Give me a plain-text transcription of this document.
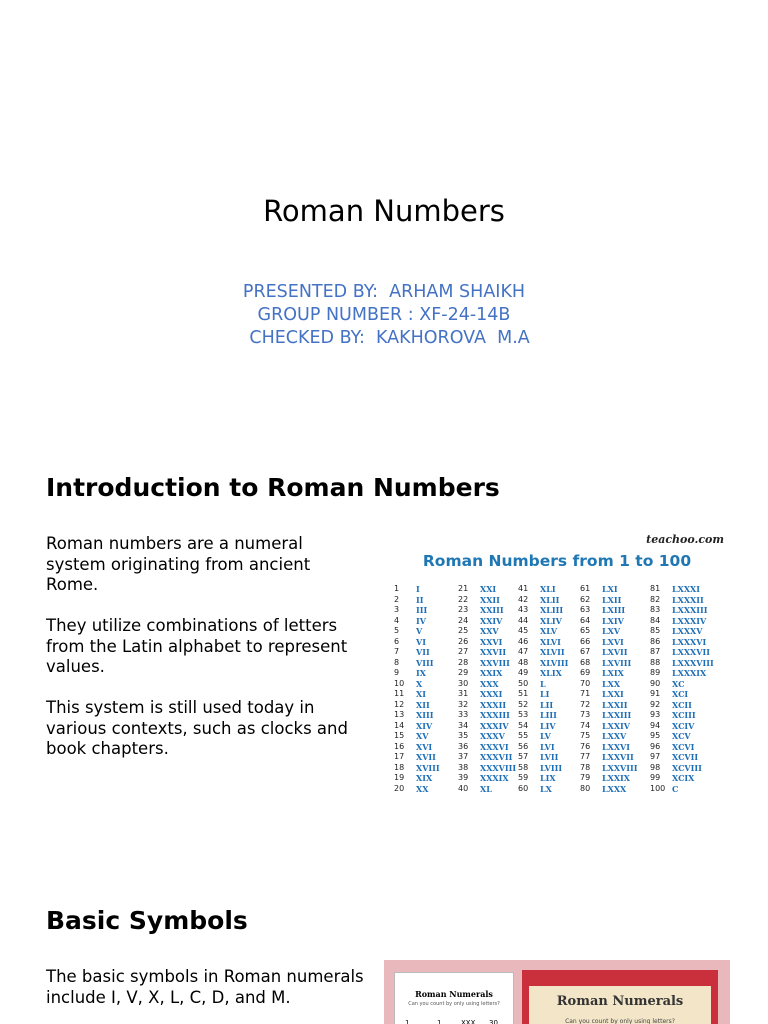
Roman Numbers
PRESENTED BY:  ARHAM SHAIKH
GROUP NUMBER : XF-24-14B
CHECKED BY:  KAKHOROVA  M.A
Introduction to Roman Numbers

Roman numbers are a numeral system originating from ancient Rome.

They utilize combinations of letters from the Latin alphabet to represent values.

This system is still used today in various contexts, such as clocks and book chapters.

teachoo.com
Roman Numbers from 1 to 100
1 I
2 II
3 III
4 IV
5 V
6 VI
7 VII
8 VIII
9 IX
10 X
11 XI
12 XII
13 XIII
14 XIV
15 XV
16 XVI
17 XVII
18 XVIII
19 XIX
20 XX
21 XXI
22 XXII
23 XXIII
24 XXIV
25 XXV
26 XXVI
27 XXVII
28 XXVIII
29 XXIX
30 XXX
31 XXXI
32 XXXII
33 XXXIII
34 XXXIV
35 XXXV
36 XXXVI
37 XXXVII
38 XXXVIII
39 XXXIX
40 XL
41 XLI
42 XLII
43 XLIII
44 XLIV
45 XLV
46 XLVI
47 XLVII
48 XLVIII
49 XLIX
50 L
51 LI
52 LII
53 LIII
54 LIV
55 LV
56 LVI
57 LVII
58 LVIII
59 LIX
60 LX
61 LXI
62 LXII
63 LXIII
64 LXIV
65 LXV
66 LXVI
67 LXVII
68 LXVIII
69 LXIX
70 LXX
71 LXXI
72 LXXII
73 LXXIII
74 LXXIV
75 LXXV
76 LXXVI
77 LXXVII
78 LXXVIII
79 LXXIX
80 LXXX
81 LXXXI
82 LXXXII
83 LXXXIII
84 LXXXIV
85 LXXXV
86 LXXXVI
87 LXXXVII
88 LXXXVIII
89 LXXXIX
90 XC
91 XCI
92 XCII
93 XCIII
94 XCIV
95 XCV
96 XCVI
97 XCVII
98 XCVIII
99 XCIX
100 C
Basic Symbols
The basic symbols in Roman numerals include I, V, X, L, C, D, and M.	Roman Numerals
Can you count by only using letters?
1	1	XXX 30
Roman Numerals
Can you count by only using letters?
